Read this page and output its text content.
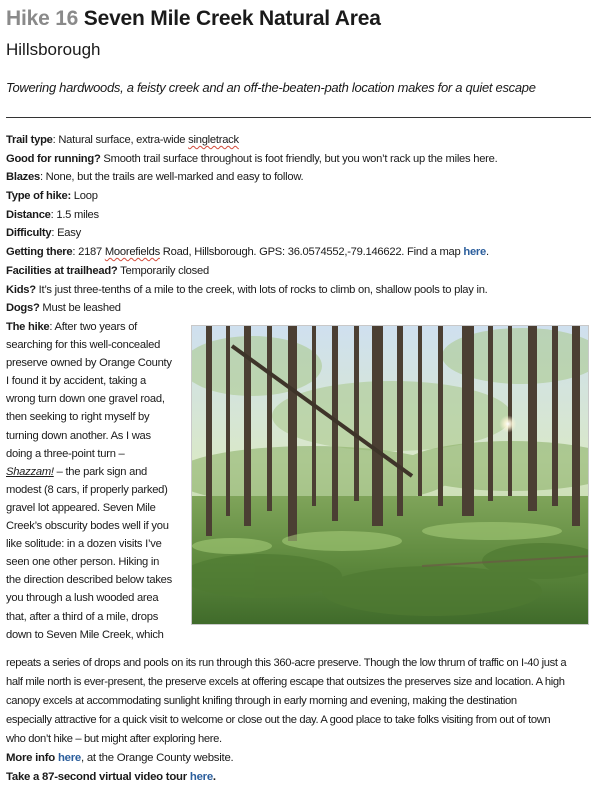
Hike 16 Seven Mile Creek Natural Area
Hillsborough
Towering hardwoods, a feisty creek and an off-the-beaten-path location makes for a quiet escape
Trail type: Natural surface, extra-wide singletrack
Good for running? Smooth trail surface throughout is foot friendly, but you won’t rack up the miles here.
Blazes: None, but the trails are well-marked and easy to follow.
Type of hike: Loop
Distance: 1.5 miles
Difficulty: Easy
Getting there: 2187 Moorefields Road, Hillsborough. GPS: 36.0574552,-79.146622. Find a map here.
Facilities at trailhead? Temporarily closed
Kids? It’s just three-tenths of a mile to the creek, with lots of rocks to climb on, shallow pools to play in.
Dogs? Must be leashed
The hike: After two years of
searching for this well-concealed
preserve owned by Orange County
I found it by accident, taking a
wrong turn down one gravel road,
then seeking to right myself by
turning down another. As I was
doing a three-point turn –
Shazzam! – the park sign and
modest (8 cars, if properly parked)
gravel lot appeared. Seven Mile
Creek’s obscurity bodes well if you
like solitude: in a dozen visits I’ve
seen one other person. Hiking in
the direction described below takes
you through a lush wooded area
that, after a third of a mile, drops
down to Seven Mile Creek, which
repeats a series of drops and pools on its run through this 360-acre preserve. Though the low thrum of traffic on I-40 just a
half mile north is ever-present, the preserve excels at offering escape that outsizes the preserves size and location. A high
canopy excels at accommodating sunlight knifing through in early morning and evening, making the destination
especially attractive for a quick visit to welcome or close out the day. A good place to take folks visiting from out of town
who don’t hike – but might after exploring here.
More info here, at the Orange County website.
Take a 87-second virtual video tour here.
